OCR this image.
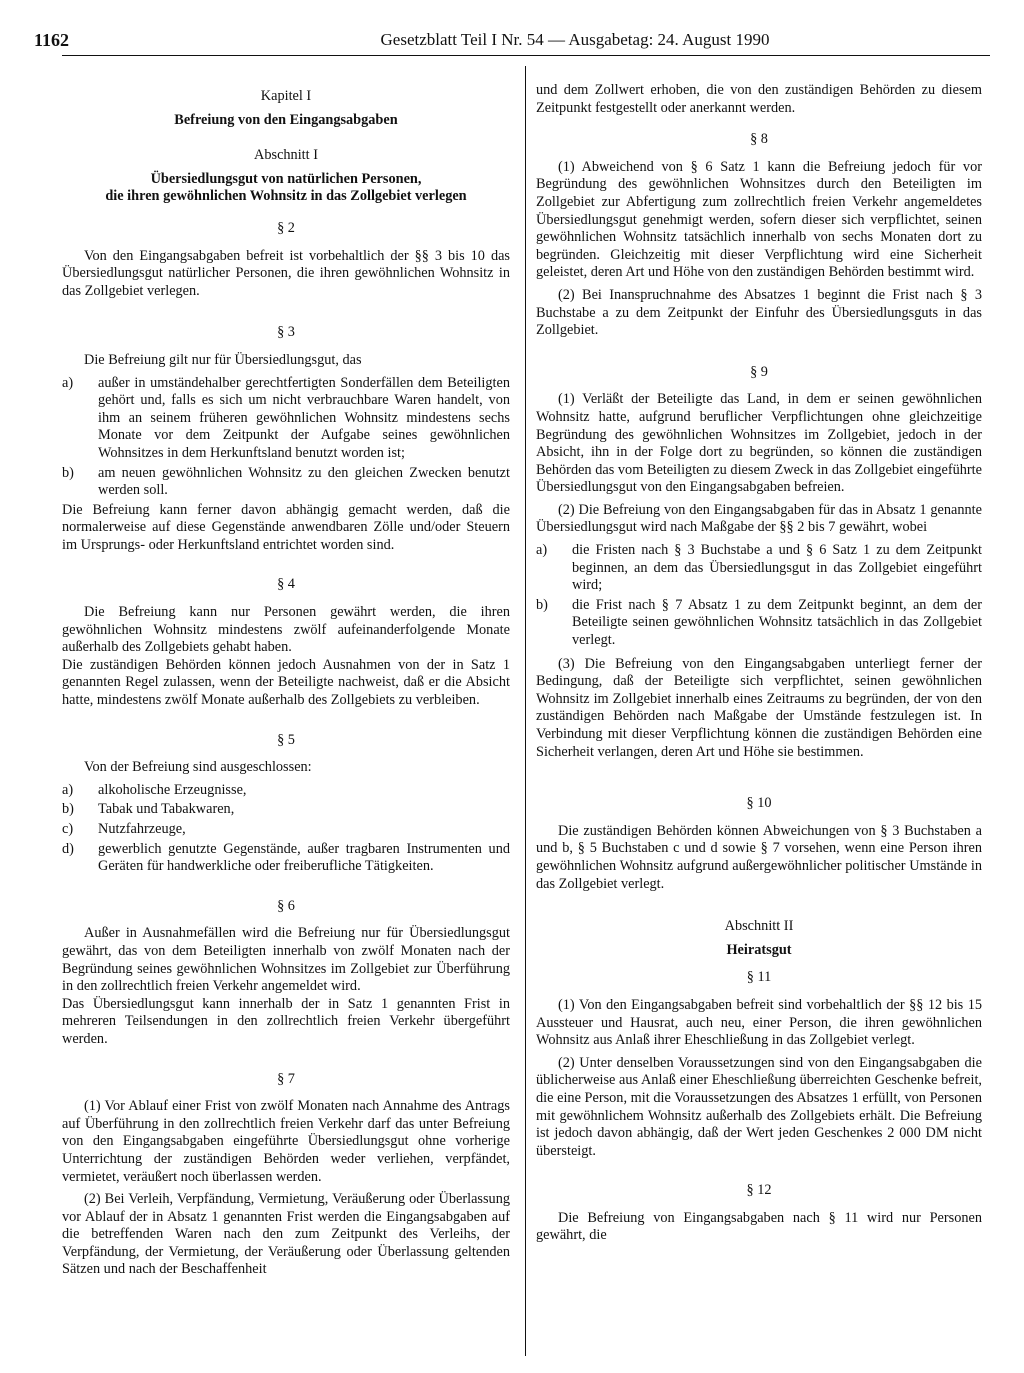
1162	Gesetzblatt Teil I Nr. 54 — Ausgabetag: 24. August 1990
Kapitel I
Befreiung von den Eingangsabgaben
Abschnitt I
Übersiedlungsgut von natürlichen Personen,
die ihren gewöhnlichen Wohnsitz in das Zollgebiet verlegen
§ 2

Von den Eingangsabgaben befreit ist vorbehaltlich der §§ 3 bis 10 das Übersiedlungsgut natürlicher Personen, die ihren gewöhnlichen Wohnsitz in das Zollgebiet verlegen.

§ 3

Die Befreiung gilt nur für Übersiedlungsgut, das

a)	außer in umständehalber gerechtfertigten Sonderfällen dem Beteiligten gehört und, falls es sich um nicht verbrauchbare Waren handelt, von ihm an seinem früheren gewöhnlichen Wohnsitz mindestens sechs Monate vor dem Zeitpunkt der Aufgabe seines gewöhnlichen Wohnsitzes in dem Herkunftsland benutzt worden ist;
b)	am neuen gewöhnlichen Wohnsitz zu den gleichen Zwecken benutzt werden soll.

Die Befreiung kann ferner davon abhängig gemacht werden, daß die normalerweise auf diese Gegenstände anwendbaren Zölle und/oder Steuern im Ursprungs- oder Herkunftsland entrichtet worden sind.

§ 4

Die Befreiung kann nur Personen gewährt werden, die ihren gewöhnlichen Wohnsitz mindestens zwölf aufeinanderfolgende Monate außerhalb des Zollgebiets gehabt haben.

Die zuständigen Behörden können jedoch Ausnahmen von der in Satz 1 genannten Regel zulassen, wenn der Beteiligte nachweist, daß er die Absicht hatte, mindestens zwölf Monate außerhalb des Zollgebiets zu verbleiben.

§ 5

Von der Befreiung sind ausgeschlossen:

a)	alkoholische Erzeugnisse,
b)	Tabak und Tabakwaren,
c)	Nutzfahrzeuge,
d)	gewerblich genutzte Gegenstände, außer tragbaren Instrumenten und Geräten für handwerkliche oder freiberufliche Tätigkeiten.
§ 6

Außer in Ausnahmefällen wird die Befreiung nur für Übersiedlungsgut gewährt, das von dem Beteiligten innerhalb von zwölf Monaten nach der Begründung seines gewöhnlichen Wohnsitzes im Zollgebiet zur Überführung in den zollrechtlich freien Verkehr angemeldet wird.

Das Übersiedlungsgut kann innerhalb der in Satz 1 genannten Frist in mehreren Teilsendungen in den zollrechtlich freien Verkehr übergeführt werden.

§ 7

(1) Vor Ablauf einer Frist von zwölf Monaten nach Annahme des Antrags auf Überführung in den zollrechtlich freien Verkehr darf das unter Befreiung von den Eingangsabgaben eingeführte Übersiedlungsgut ohne vorherige Unterrichtung der zuständigen Behörden weder verliehen, verpfändet, vermietet, veräußert noch überlassen werden.

(2) Bei Verleih, Verpfändung, Vermietung, Veräußerung oder Überlassung vor Ablauf der in Absatz 1 genannten Frist werden die Eingangsabgaben auf die betreffenden Waren nach den zum Zeitpunkt des Verleihs, der Verpfändung, der Vermietung, der Veräußerung oder Überlassung geltenden Sätzen und nach der Beschaffenheit

und dem Zollwert erhoben, die von den zuständigen Behörden zu diesem Zeitpunkt festgestellt oder anerkannt werden.

§ 8

(1) Abweichend von § 6 Satz 1 kann die Befreiung jedoch für vor Begründung des gewöhnlichen Wohnsitzes durch den Beteiligten im Zollgebiet zur Abfertigung zum zollrechtlich freien Verkehr angemeldetes Übersiedlungsgut genehmigt werden, sofern dieser sich verpflichtet, seinen gewöhnlichen Wohnsitz tatsächlich innerhalb von sechs Monaten dort zu begründen. Gleichzeitig mit dieser Verpflichtung wird eine Sicherheit geleistet, deren Art und Höhe von den zuständigen Behörden bestimmt wird.

(2) Bei Inanspruchnahme des Absatzes 1 beginnt die Frist nach § 3 Buchstabe a zu dem Zeitpunkt der Einfuhr des Übersiedlungsguts in das Zollgebiet.

§ 9

(1) Verläßt der Beteiligte das Land, in dem er seinen gewöhnlichen Wohnsitz hatte, aufgrund beruflicher Verpflichtungen ohne gleichzeitige Begründung des gewöhnlichen Wohnsitzes im Zollgebiet, jedoch in der Absicht, ihn in der Folge dort zu begründen, so können die zuständigen Behörden das vom Beteiligten zu diesem Zweck in das Zollgebiet eingeführte Übersiedlungsgut von den Eingangsabgaben befreien.

(2) Die Befreiung von den Eingangsabgaben für das in Absatz 1 genannte Übersiedlungsgut wird nach Maßgabe der §§ 2 bis 7 gewährt, wobei

a)	die Fristen nach § 3 Buchstabe a und § 6 Satz 1 zu dem Zeitpunkt beginnen, an dem das Übersiedlungsgut in das Zollgebiet eingeführt wird;
b)	die Frist nach § 7 Absatz 1 zu dem Zeitpunkt beginnt, an dem der Beteiligte seinen gewöhnlichen Wohnsitz tatsächlich in das Zollgebiet verlegt.

(3) Die Befreiung von den Eingangsabgaben unterliegt ferner der Bedingung, daß der Beteiligte sich verpflichtet, seinen gewöhnlichen Wohnsitz im Zollgebiet innerhalb eines Zeitraums zu begründen, der von den zuständigen Behörden nach Maßgabe der Umstände festzulegen ist. In Verbindung mit dieser Verpflichtung können die zuständigen Behörden eine Sicherheit verlangen, deren Art und Höhe sie bestimmen.

§ 10

Die zuständigen Behörden können Abweichungen von § 3 Buchstaben a und b, § 5 Buchstaben c und d sowie § 7 vorsehen, wenn eine Person ihren gewöhnlichen Wohnsitz aufgrund außergewöhnlicher politischer Umstände in das Zollgebiet verlegt.

Abschnitt II
Heiratsgut
§ 11

(1) Von den Eingangsabgaben befreit sind vorbehaltlich der §§ 12 bis 15 Aussteuer und Hausrat, auch neu, einer Person, die ihren gewöhnlichen Wohnsitz aus Anlaß ihrer Eheschließung in das Zollgebiet verlegt.

(2) Unter denselben Voraussetzungen sind von den Eingangsabgaben die üblicherweise aus Anlaß einer Eheschließung überreichten Geschenke befreit, die eine Person, mit die Voraussetzungen des Absatzes 1 erfüllt, von Personen mit gewöhnlichem Wohnsitz außerhalb des Zollgebiets erhält. Die Befreiung ist jedoch davon abhängig, daß der Wert jeden Geschenkes 2 000 DM nicht übersteigt.

§ 12

Die Befreiung von Eingangsabgaben nach § 11 wird nur Personen gewährt, die
